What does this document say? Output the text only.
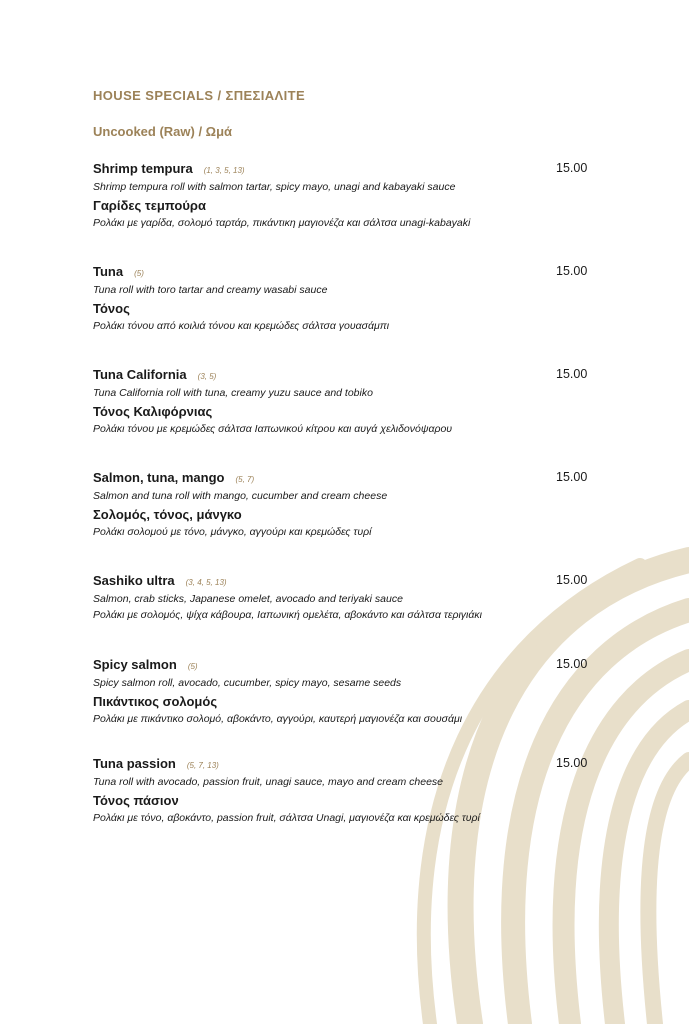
HOUSE SPECIALS / ΣΠΕΣΙΑΛΙΤΕ
Uncooked (Raw) / Ωμά
Shrimp tempura (1, 3, 5, 13)	15.00

Shrimp tempura roll with salmon tartar, spicy mayo, unagi and kabayaki sauce

Γαρίδες τεμπούρα

Ρολάκι με γαρίδα, σολομό ταρτάρ, πικάντικη μαγιονέζα και σάλτσα unagi-kabayaki

Tuna (5)	15.00

Tuna roll with toro tartar and creamy wasabi sauce

Τόνος

Ρολάκι τόνου από κοιλιά τόνου και κρεμώδες σάλτσα γουασάμπι

Tuna California (3, 5)	15.00

Tuna California roll with tuna, creamy yuzu sauce and tobiko

Τόνος Καλιφόρνιας

Ρολάκι τόνου με κρεμώδες σάλτσα Ιαπωνικού κίτρου και αυγά χελιδονόψαρου

Salmon, tuna, mango (5, 7)	15.00

Salmon and tuna roll with mango, cucumber and cream cheese

Σολομός, τόνος, μάνγκο

Ρολάκι σολομού με τόνο, μάνγκο, αγγούρι και κρεμώδες τυρί

Sashiko ultra (3, 4, 5, 13)	15.00

Salmon, crab sticks, Japanese omelet, avocado and teriyaki sauce

Ρολάκι με σολομός, ψίχα κάβουρα, Ιαπωνική ομελέτα, αβοκάντο και σάλτσα τεριγιάκι

Spicy salmon (5)	15.00

Spicy salmon roll, avocado, cucumber, spicy mayo, sesame seeds

Πικάντικος σολομός

Ρολάκι με πικάντικο σολομό, αβοκάντο, αγγούρι, καυτερή μαγιονέζα και σουσάμι

Tuna passion (5, 7, 13)	15.00

Tuna roll with avocado, passion fruit, unagi sauce, mayo and cream cheese

Τόνος πάσιον

Ρολάκι με τόνο, αβοκάντο, passion fruit, σάλτσα Unagi, μαγιονέζα και κρεμώδες τυρί
